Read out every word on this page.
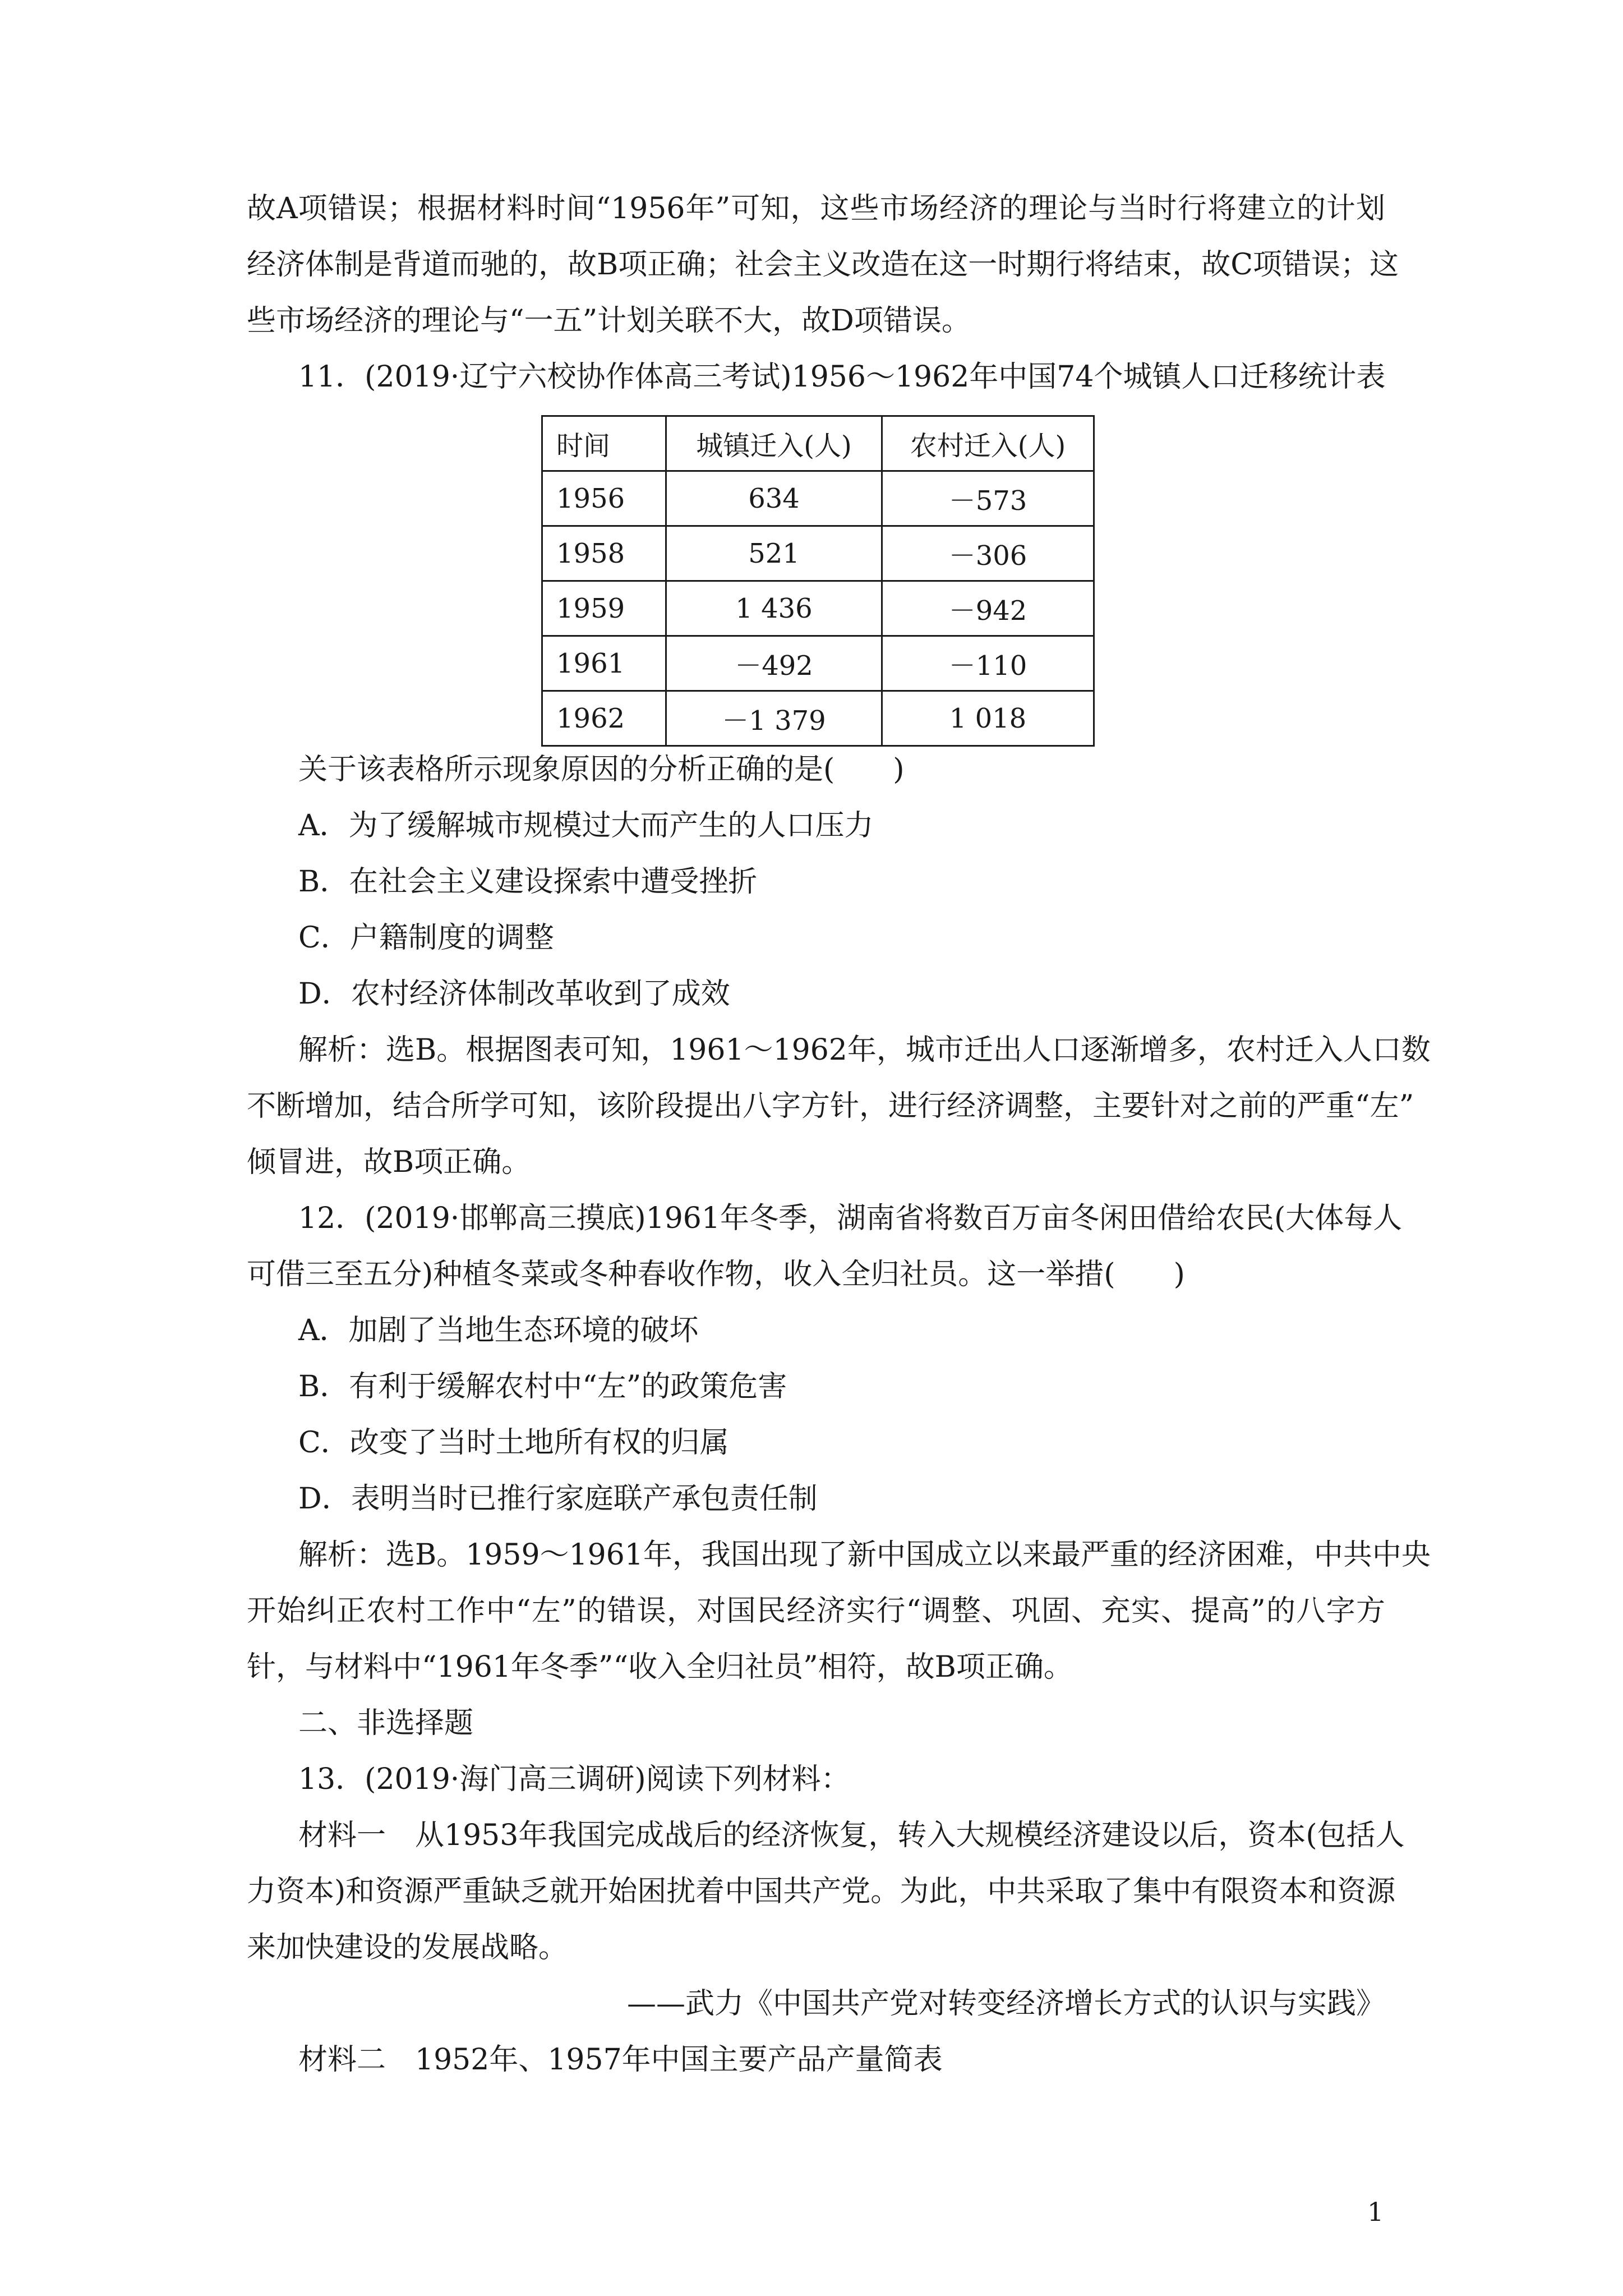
故A项错误；根据材料时间“1956年”可知，这些市场经济的理论与当时行将建立的计划
经济体制是背道而驰的，故B项正确；社会主义改造在这一时期行将结束，故C项错误；这
些市场经济的理论与“一五”计划关联不大，故D项错误。
11．(2019·辽宁六校协作体高三考试)1956～1962年中国74个城镇人口迁移统计表
时间	城镇迁入(人)	农村迁入(人)
1956	634	－573
1958	521	－306
1959	1 436	－942
1961	－492	－110
1962	－1 379	1 018
关于该表格所示现象原因的分析正确的是(　　)
A．为了缓解城市规模过大而产生的人口压力
B．在社会主义建设探索中遭受挫折
C．户籍制度的调整
D．农村经济体制改革收到了成效
解析：选B。根据图表可知，1961～1962年，城市迁出人口逐渐增多，农村迁入人口数
不断增加，结合所学可知，该阶段提出八字方针，进行经济调整，主要针对之前的严重“左”
倾冒进，故B项正确。
12．(2019·邯郸高三摸底)1961年冬季，湖南省将数百万亩冬闲田借给农民(大体每人
可借三至五分)种植冬菜或冬种春收作物，收入全归社员。这一举措(　　)
A．加剧了当地生态环境的破坏
B．有利于缓解农村中“左”的政策危害
C．改变了当时土地所有权的归属
D．表明当时已推行家庭联产承包责任制
解析：选B。1959～1961年，我国出现了新中国成立以来最严重的经济困难，中共中央
开始纠正农村工作中“左”的错误，对国民经济实行“调整、巩固、充实、提高”的八字方
针，与材料中“1961年冬季”“收入全归社员”相符，故B项正确。
二、非选择题
13．(2019·海门高三调研)阅读下列材料：
材料一　从1953年我国完成战后的经济恢复，转入大规模经济建设以后，资本(包括人
力资本)和资源严重缺乏就开始困扰着中国共产党。为此，中共采取了集中有限资本和资源
来加快建设的发展战略。
——武力《中国共产党对转变经济增长方式的认识与实践》
材料二　1952年、1957年中国主要产品产量简表
1
